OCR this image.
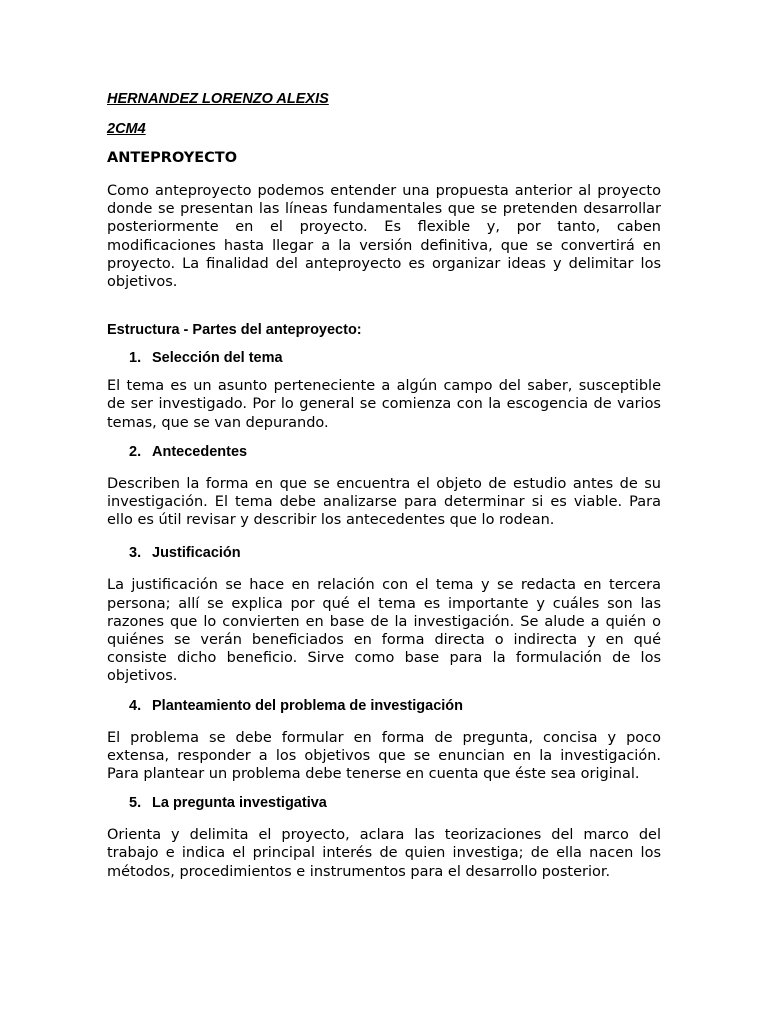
HERNANDEZ LORENZO ALEXIS

2CM4

ANTEPROYECTO

Como anteproyecto podemos entender una propuesta anterior al proyecto donde se presentan las líneas fundamentales que se pretenden desarrollar posteriormente en el proyecto. Es flexible y, por tanto, caben modificaciones hasta llegar a la versión definitiva, que se convertirá en proyecto. La finalidad del anteproyecto es organizar ideas y delimitar los objetivos.

Estructura - Partes del anteproyecto:

1. Selección del tema

El tema es un asunto perteneciente a algún campo del saber, susceptible de ser investigado. Por lo general se comienza con la escogencia de varios temas, que se van depurando.

2. Antecedentes

Describen la forma en que se encuentra el objeto de estudio antes de su investigación. El tema debe analizarse para determinar si es viable. Para ello es útil revisar y describir los antecedentes que lo rodean.

3. Justificación

La justificación se hace en relación con el tema y se redacta en tercera persona; allí se explica por qué el tema es importante y cuáles son las razones que lo convierten en base de la investigación. Se alude a quién o quiénes se verán beneficiados en forma directa o indirecta y en qué consiste dicho beneficio. Sirve como base para la formulación de los objetivos.

4. Planteamiento del problema de investigación

El problema se debe formular en forma de pregunta, concisa y poco extensa, responder a los objetivos que se enuncian en la investigación. Para plantear un problema debe tenerse en cuenta que éste sea original.

5. La pregunta investigativa

Orienta y delimita el proyecto, aclara las teorizaciones del marco del trabajo e indica el principal interés de quien investiga; de ella nacen los métodos, procedimientos e instrumentos para el desarrollo posterior.
